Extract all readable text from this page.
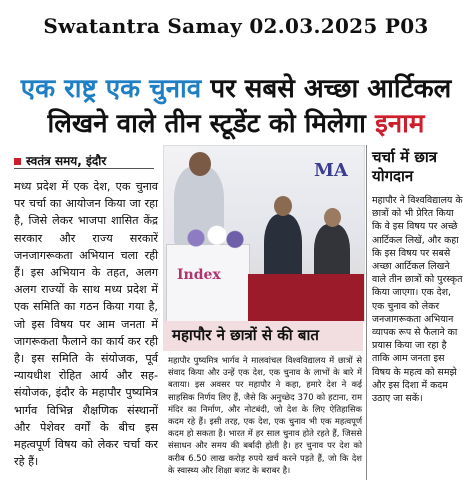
Swatantra Samay 02.03.2025 P03
एक राष्ट्र एक चुनाव पर सबसे अच्छा आर्टिकल
लिखने वाले तीन स्टूडेंट को मिलेगा इनाम
स्वतंत्र समय, इंदौर
मध्य प्रदेश में एक देश, एक चुनाव पर चर्चा का आयोजन किया जा रहा है, जिसे लेकर भाजपा शासित केंद्र सरकार और राज्य सरकारें जनजागरूकता अभियान चला रही हैं। इस अभियान के तहत, अलग अलग राज्यों के साथ मध्य प्रदेश में एक समिति का गठन किया गया है, जो इस विषय पर आम जनता में जागरूकता फैलाने का कार्य कर रही है। इस समिति के संयोजक, पूर्व न्यायधीश रोहित आर्य और सह-संयोजक, इंदौर के महापौर पुष्यमित्र भार्गव विभिन्न शैक्षणिक संस्थानों और पेशेवर वर्गों के बीच इस महत्वपूर्ण विषय को लेकर चर्चा कर रहे हैं।
Index
MA
महापौर ने छात्रों से की बात
महापौर पुष्यमित्र भार्गव ने मालवांचल विश्वविद्यालय में छात्रों से संवाद किया और उन्हें एक देश, एक चुनाव के लाभों के बारे में बताया। इस अवसर पर महापौर ने कहा, हमारे देश ने कई साहसिक निर्णय लिए हैं, जैसे कि अनुच्छेद 370 को हटाना, राम मंदिर का निर्माण, और नोटबंदी, जो देश के लिए ऐतिहासिक कदम रहे हैं। इसी तरह, एक देश, एक चुनाव भी एक महत्वपूर्ण कदम हो सकता है। भारत में हर साल चुनाव होते रहते हैं, जिससे संसाधन और समय की बर्बादी होती है। हर चुनाव पर देश को करीब 6.50 लाख करोड़ रुपये खर्च करने पड़ते हैं, जो कि देश के स्वास्थ्य और शिक्षा बजट के बराबर है।
चर्चा में छात्र योगदान
महापौर ने विश्वविद्यालय के छात्रों को भी प्रेरित किया कि वे इस विषय पर अच्छे आर्टिकल लिखें, और कहा कि इस विषय पर सबसे अच्छा आर्टिकल लिखने वाले तीन छात्रों को पुरस्कृत किया जाएगा। एक देश, एक चुनाव को लेकर जनजागरूकता अभियान व्यापक रूप से फैलाने का प्रयास किया जा रहा है ताकि आम जनता इस विषय के महत्व को समझे और इस दिशा में कदम उठाए जा सकें।
